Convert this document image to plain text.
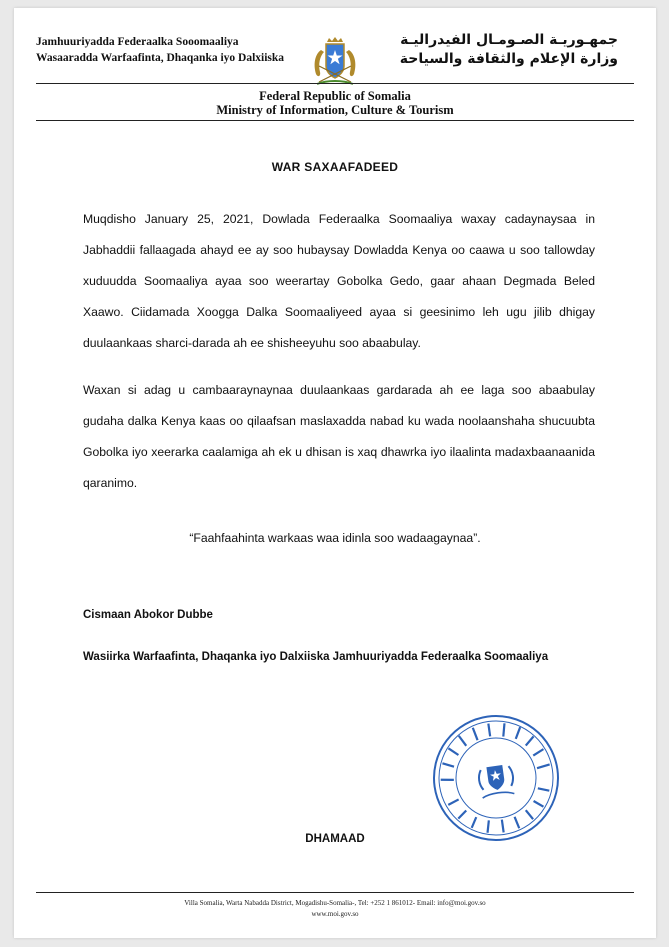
Jamhuuriyadda Federaalka Sooomaaliya
Wasaaradda Warfaafinta, Dhaqanka iyo Dalxiiska
جمهـوريـة الصـومـال الفيدراليـة
وزارة الإعلام والثقافة والسياحة
Federal Republic of Somalia
Ministry of Information, Culture & Tourism
WAR SAXAAFADEED
Muqdisho January 25, 2021, Dowlada Federaalka Soomaaliya waxay cadaynaysaa in Jabhaddii fallaagada ahayd ee ay soo hubaysay Dowladda Kenya oo caawa u soo tallowday xuduudda Soomaaliya ayaa soo weerartay Gobolka Gedo, gaar ahaan Degmada Beled Xaawo. Ciidamada Xoogga Dalka Soomaaliyeed ayaa si geesinimo leh ugu jilib dhigay duulaankaas sharci-darada ah ee shisheeyuhu soo abaabulay.
Waxan si adag u cambaaraynaynaa duulaankaas gardarada ah ee laga soo abaabulay gudaha dalka Kenya kaas oo qilaafsan maslaxadda nabad ku wada noolaanshaha shucuubta Gobolka iyo xeerarka caalamiga ah ek u dhisan is xaq dhawrka iyo ilaalinta madaxbaanaanida qaranimo.
“Faahfaahinta warkaas waa idinla soo wadaagaynaa”.
Cismaan Abokor Dubbe
Wasiirka Warfaafinta, Dhaqanka iyo Dalxiiska Jamhuuriyadda Federaalka Soomaaliya
DHAMAAD
Villa Somalia, Warta Nabadda District, Mogadishu-Somalia-, Tel: +252 1 861012- Email: info@moi.gov.so
www.moi.gov.so
